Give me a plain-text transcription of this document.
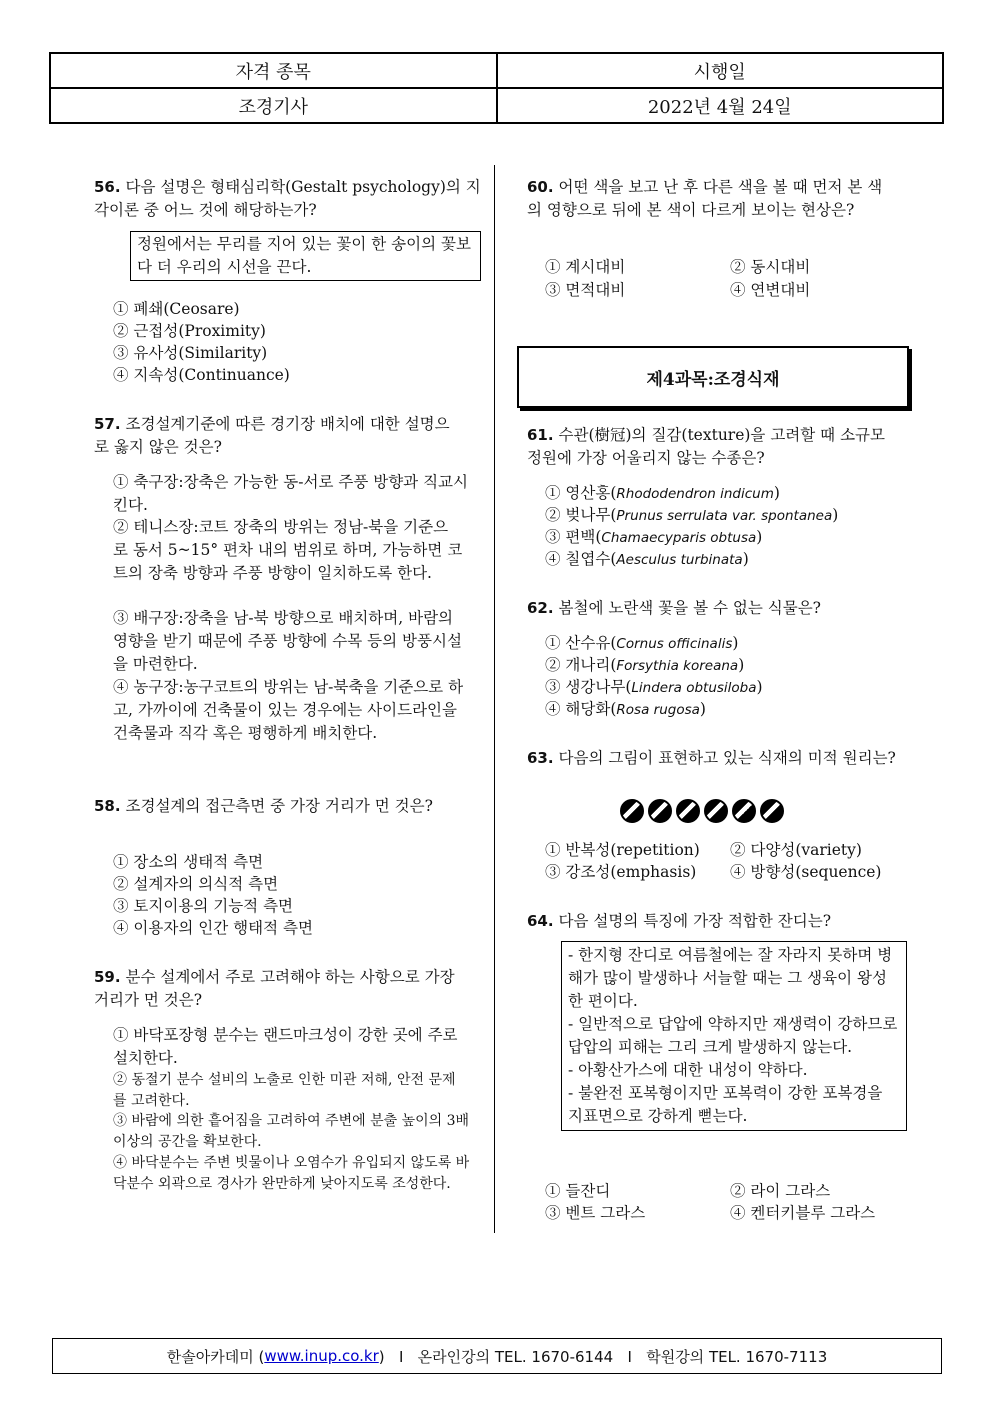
자격 종목	시행일
조경기사	2022년 4월 24일
56. 다음 설명은 형태심리학(Gestalt psychology)의 지각이론 중 어느 것에 해당하는가?
정원에서는 무리를 지어 있는 꽃이 한 송이의 꽃보다 더 우리의 시선을 끈다.
① 폐쇄(Ceosare)
② 근접성(Proximity)
③ 유사성(Similarity)
④ 지속성(Continuance)
57. 조경설계기준에 따른 경기장 배치에 대한 설명으로 옳지 않은 것은?
① 축구장:장축은 가능한 동-서로 주풍 방향과 직교시킨다.
② 테니스장:코트 장축의 방위는 정남-북을 기준으로 동서 5~15° 편차 내의 범위로 하며, 가능하면 코트의 장축 방향과 주풍 방향이 일치하도록 한다.
③ 배구장:장축을 남-북 방향으로 배치하며, 바람의 영향을 받기 때문에 주풍 방향에 수목 등의 방풍시설을 마련한다.
④ 농구장:농구코트의 방위는 남-북축을 기준으로 하고, 가까이에 건축물이 있는 경우에는 사이드라인을 건축물과 직각 혹은 평행하게 배치한다.
58. 조경설계의 접근측면 중 가장 거리가 먼 것은?
① 장소의 생태적 측면
② 설계자의 의식적 측면
③ 토지이용의 기능적 측면
④ 이용자의 인간 행태적 측면
59. 분수 설계에서 주로 고려해야 하는 사항으로 가장 거리가 먼 것은?
① 바닥포장형 분수는 랜드마크성이 강한 곳에 주로 설치한다.
② 동절기 분수 설비의 노출로 인한 미관 저해, 안전 문제를 고려한다.
③ 바람에 의한 흩어짐을 고려하여 주변에 분출 높이의 3배 이상의 공간을 확보한다.
④ 바닥분수는 주변 빗물이나 오염수가 유입되지 않도록 바닥분수 외곽으로 경사가 완만하게 낮아지도록 조성한다.
60. 어떤 색을 보고 난 후 다른 색을 볼 때 먼저 본 색의 영향으로 뒤에 본 색이 다르게 보이는 현상은?
① 계시대비	② 동시대비
③ 면적대비	④ 연변대비
제4과목:조경식재
61. 수관(樹冠)의 질감(texture)을 고려할 때 소규모 정원에 가장 어울리지 않는 수종은?
① 영산홍(Rhododendron indicum)
② 벚나무(Prunus serrulata var. spontanea)
③ 편백(Chamaecyparis obtusa)
④ 칠엽수(Aesculus turbinata)
62. 봄철에 노란색 꽃을 볼 수 없는 식물은?
① 산수유(Cornus officinalis)
② 개나리(Forsythia koreana)
③ 생강나무(Lindera obtusiloba)
④ 해당화(Rosa rugosa)
63. 다음의 그림이 표현하고 있는 식재의 미적 원리는?
① 반복성(repetition) ② 다양성(variety)
③ 강조성(emphasis) ④ 방향성(sequence)
64. 다음 설명의 특징에 가장 적합한 잔디는?
- 한지형 잔디로 여름철에는 잘 자라지 못하며 병해가 많이 발생하나 서늘할 때는 그 생육이 왕성한 편이다.
- 일반적으로 답압에 약하지만 재생력이 강하므로 답압의 피해는 그리 크게 발생하지 않는다.
- 아황산가스에 대한 내성이 약하다.
- 불완전 포복형이지만 포복력이 강한 포복경을 지표면으로 강하게 뻗는다.
① 들잔디	② 라이 그라스
③ 벤트 그라스	④ 켄터키블루 그라스
한솔아카데미 ( www.inup.co.kr )   I   온라인강의 TEL. 1670-6144   I   학원강의 TEL. 1670-7113
